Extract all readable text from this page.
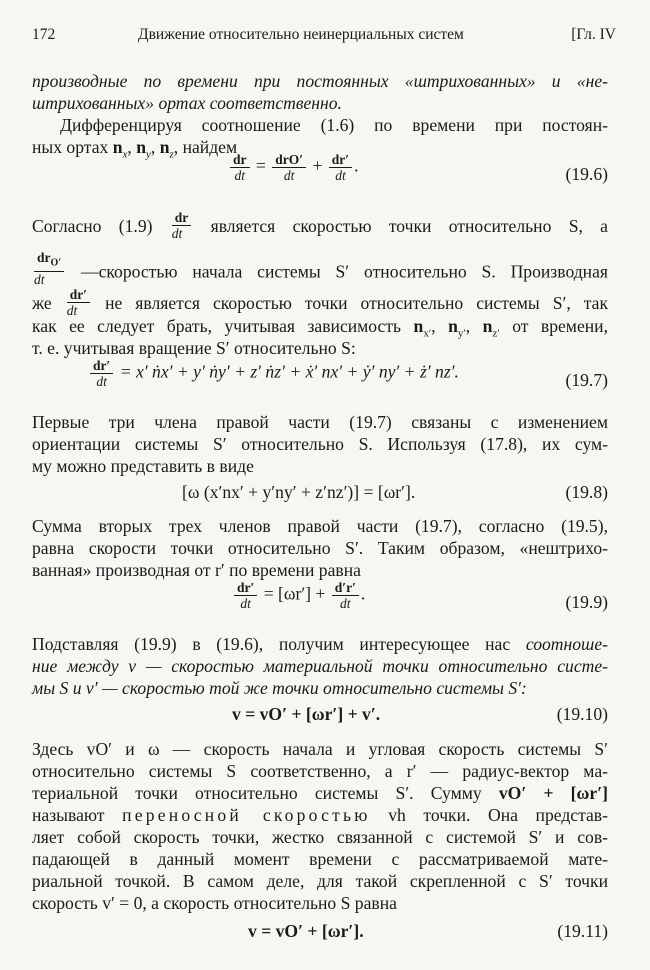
172	Движение относительно неинерциальных систем	[Гл. IV
производные по времени при постоянных «штрихованных» и «не-
штрихованных» ортах соответственно.
Дифференцируя соотношение (1.6) по времени при постоян-
ных ортах $n_x$, $n_y$, $n_z$, найдем
$\frac{dr}{dt} = drO'$
dt	+ $\frac{dr'}{dt}$ .	(19.6)
Согласно $(1.9) \frac{dr}{dt}$ является скоростью точки относительно S, а
$dr_{O'}$
dt	—скоростью начала системы S′ относительно S. Производная
же $\frac{dr'}{dt}$ не является скоростью точки относительно системы S′, так
как ее следует брать, учитывая зависимость $n_{x'}$, $n_{y'}$, $n_{z'}$ от времени,
т. е. учитывая вращение S′ относительно S:
$\frac{dr'}{dt} = x'$ ṅx′ + y′ ṅy′ + z′ ṅz′ + ẋ′ nx′ + ẏ′ ny′ + ż′ nz′.	(19.7)
Первые три члена правой части (19.7) связаны с изменением
ориентации системы S′ относительно S. Используя (17.8), их сум-
му можно представить в виде
[ω (x′nx′ + y′ny′ + z′nz′)] = [ωr′].	(19.8)
Сумма вторых трех членов правой части (19.7), согласно (19.5),
равна скорости точки относительно S′. Таким образом, «нештрихо-
ванная» производная от r′ по времени равна
$\frac{dr'}{dt} = [\omega r'] + \frac{d'r'}{dt}$ .	(19.9)
Подставляя (19.9) в (19.6), получим интересующее нас соотноше-
ние между v — скоростью материальной точки относительно систе-
мы S и v′ — скоростью той же точки относительно системы S′:
v = vO′ + [ωr′] + v′.	(19.10)
Здесь vO′ и ω — скорость начала и угловая скорость системы S′
относительно системы S соответственно, а r′ — радиус-вектор ма-
териальной точки относительно системы S′. Сумму vO′ + [ωr′]
называют переносной скоростью vh точки. Она представ-
ляет собой скорость точки, жестко связанной с системой S′ и сов-
падающей в данный момент времени с рассматриваемой мате-
риальной точкой. В самом деле, для такой скрепленной с S′ точки
скорость v′ = 0, а скорость относительно S равна
v = vO′ + [ωr′].	(19.11)
